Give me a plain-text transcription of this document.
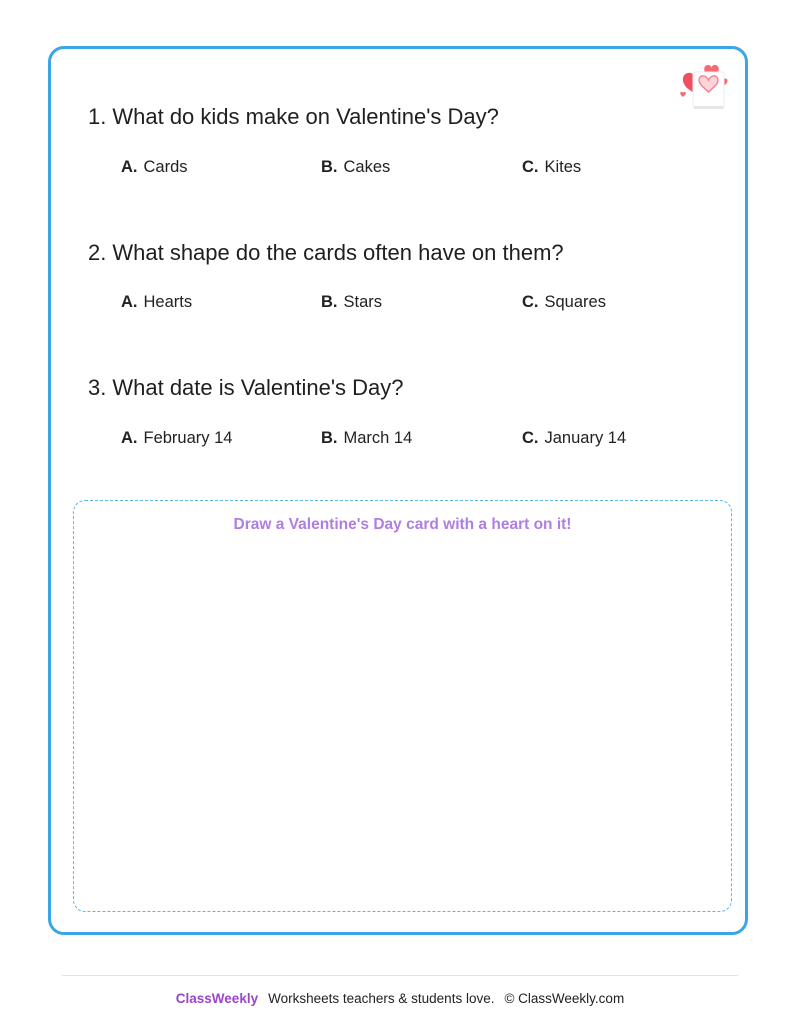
1. What do kids make on Valentine's Day?
A. Cards	B. Cakes	C. Kites
2. What shape do the cards often have on them?
A. Hearts	B. Stars	C. Squares
3. What date is Valentine's Day?
A. February 14	B. March 14	C. January 14
Draw a Valentine's Day card with a heart on it!
ClassWeekly Worksheets teachers & students love. © ClassWeekly.com
